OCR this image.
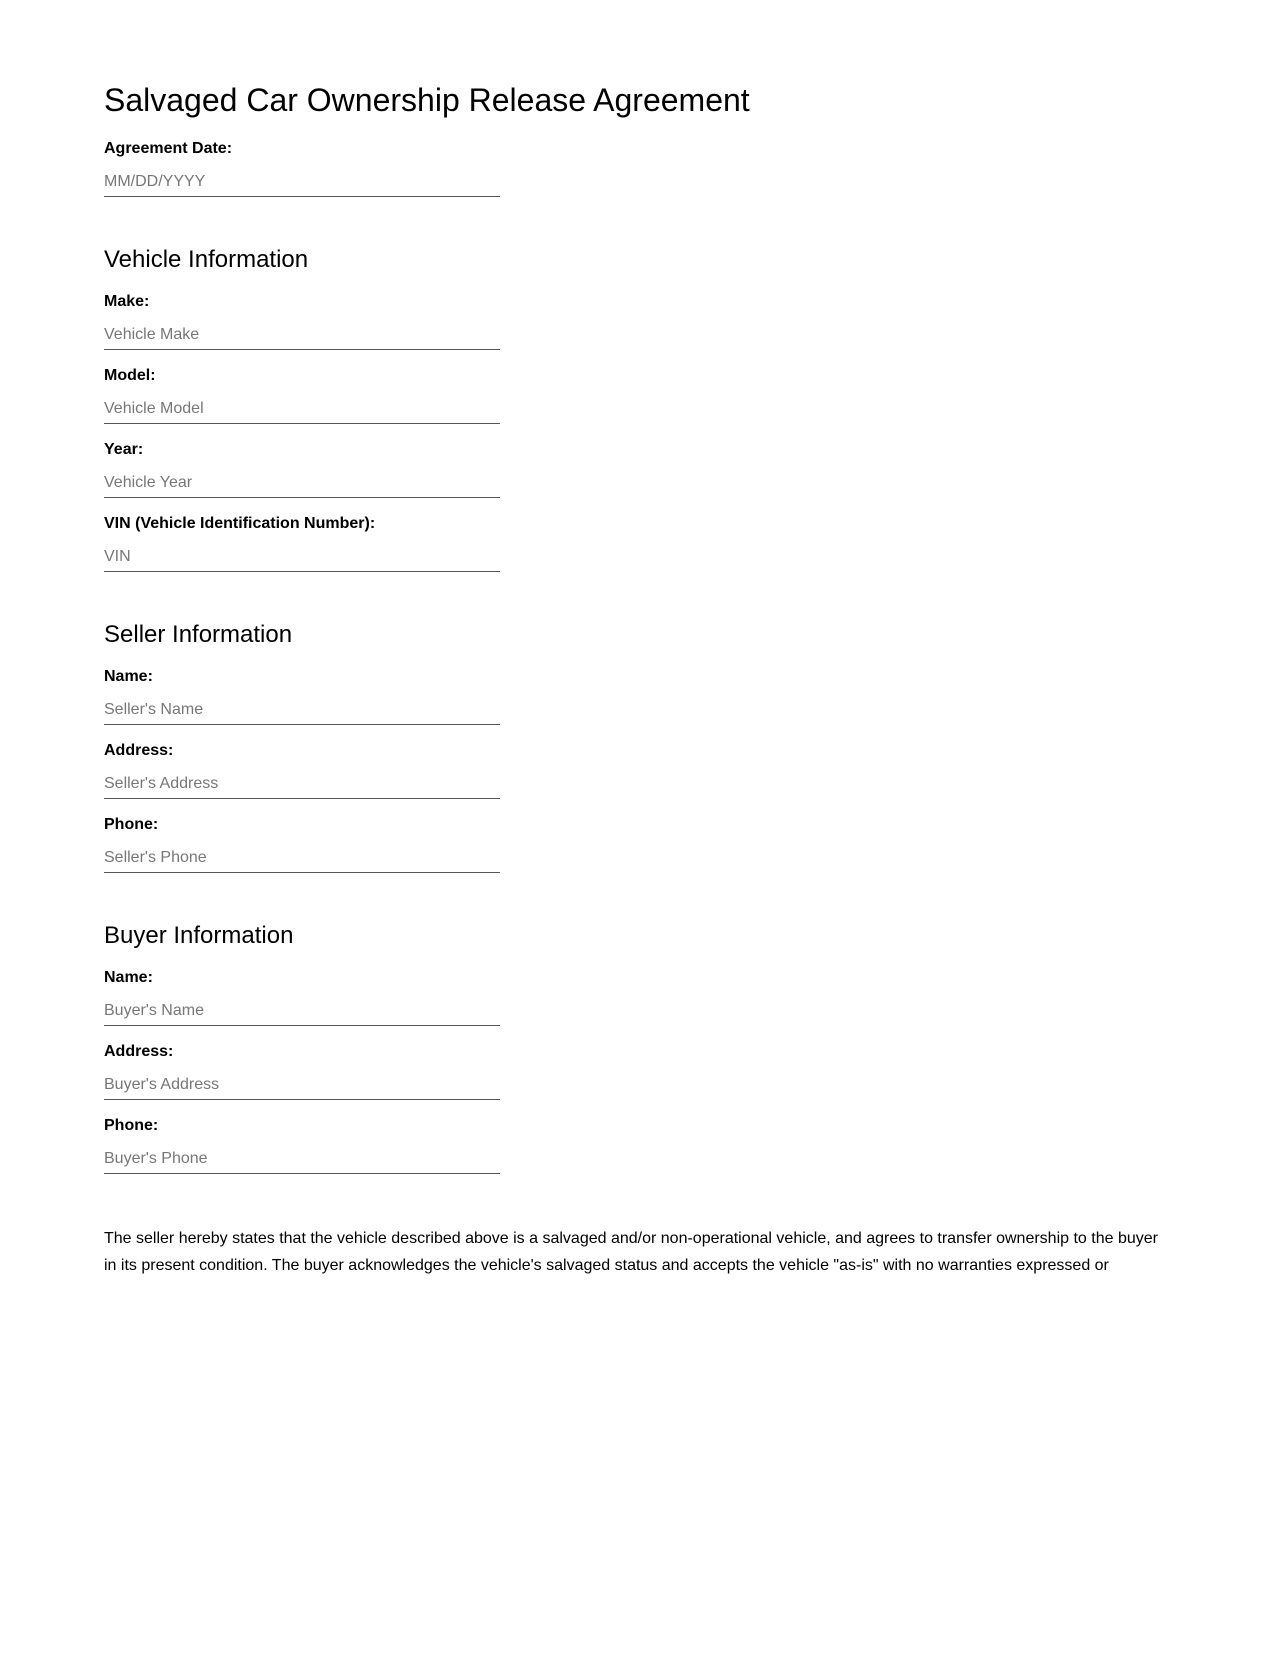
Salvaged Car Ownership Release Agreement
Agreement Date:
MM/DD/YYYY
Vehicle Information
Make:
Vehicle Make
Model:
Vehicle Model
Year:
Vehicle Year
VIN (Vehicle Identification Number):
VIN
Seller Information
Name:
Seller's Name
Address:
Seller's Address
Phone:
Seller's Phone
Buyer Information
Name:
Buyer's Name
Address:
Buyer's Address
Phone:
Buyer's Phone

The seller hereby states that the vehicle described above is a salvaged and/or non-operational vehicle, and agrees to transfer ownership to the buyer in its present condition. The buyer acknowledges the vehicle's salvaged status and accepts the vehicle "as-is" with no warranties expressed or
